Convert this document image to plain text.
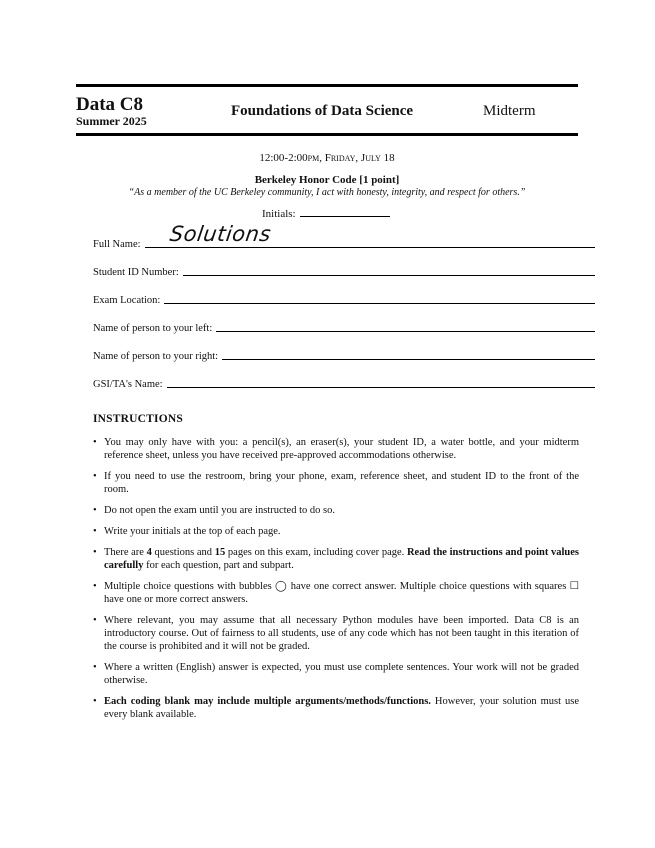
Data C8
Summer 2025
Foundations of Data Science	Midterm
12:00-2:00pm, Friday, July 18
Berkeley Honor Code [1 point]
“As a member of the UC Berkeley community, I act with honesty, integrity, and respect for others.”
Initials:
Full Name: Solutions
Student ID Number:
Exam Location:
Name of person to your left:
Name of person to your right:
GSI/TA's Name:
INSTRUCTIONS
• You may only have with you: a pencil(s), an eraser(s), your student ID, a water bottle, and your midterm reference sheet, unless you have received pre-approved accommodations otherwise.
• If you need to use the restroom, bring your phone, exam, reference sheet, and student ID to the front of the room.
• Do not open the exam until you are instructed to do so.
• Write your initials at the top of each page.
• There are 4 questions and 15 pages on this exam, including cover page. Read the instructions and point values carefully for each question, part and subpart.
• Multiple choice questions with bubbles ◯ have one correct answer. Multiple choice questions with squares ☐ have one or more correct answers.
• Where relevant, you may assume that all necessary Python modules have been imported. Data C8 is an introductory course. Out of fairness to all students, use of any code which has not been taught in this iteration of the course is prohibited and it will not be graded.
• Where a written (English) answer is expected, you must use complete sentences. Your work will not be graded otherwise.
• Each coding blank may include multiple arguments/methods/functions. However, your solution must use every blank available.
